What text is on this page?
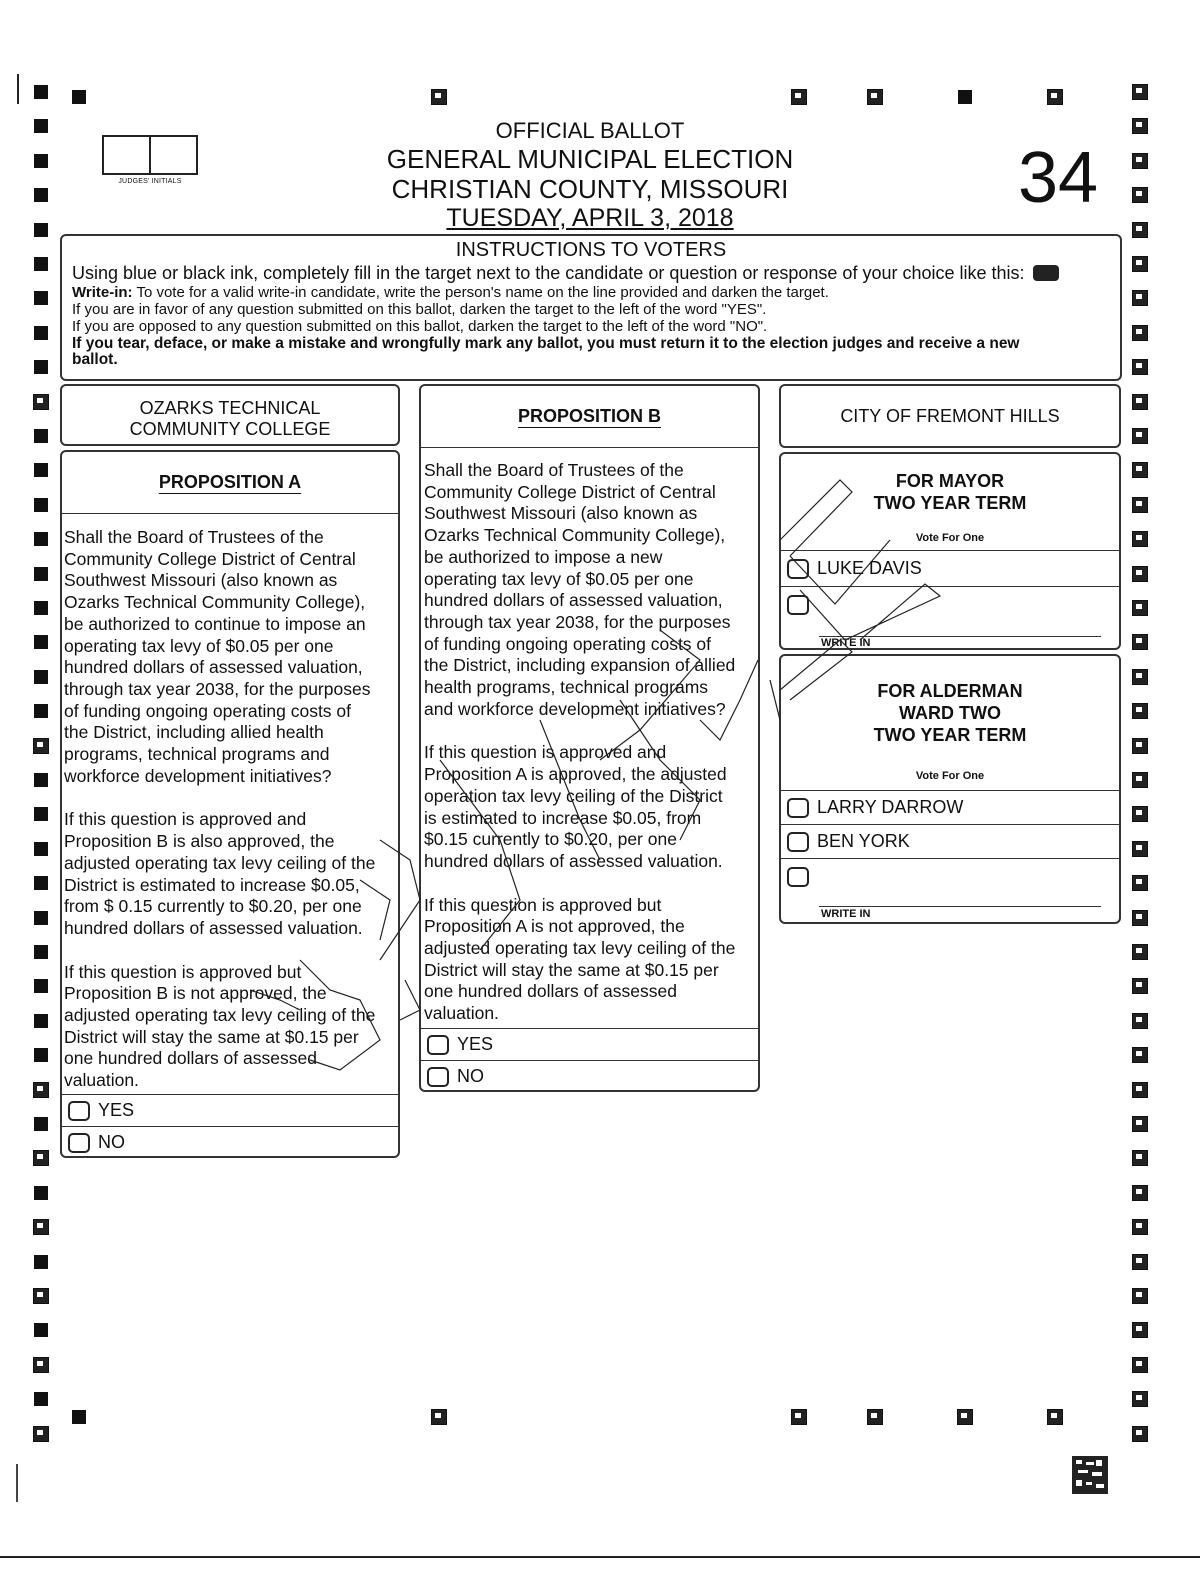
JUDGES' INITIALS
OFFICIAL BALLOT
GENERAL MUNICIPAL ELECTION
CHRISTIAN COUNTY, MISSOURI
TUESDAY, APRIL 3, 2018	34
INSTRUCTIONS TO VOTERS
Using blue or black ink, completely fill in the target next to the candidate or question or response of your choice like this:
Write-in: To vote for a valid write-in candidate, write the person's name on the line provided and darken the target.
If you are in favor of any question submitted on this ballot, darken the target to the left of the word "YES".
If you are opposed to any question submitted on this ballot, darken the target to the left of the word "NO".
If you tear, deface, or make a mistake and wrongfully mark any ballot, you must return it to the election judges and receive a new
ballot.
OZARKS TECHNICAL
COMMUNITY COLLEGE
PROPOSITION A
Shall the Board of Trustees of the
Community College District of Central
Southwest Missouri (also known as
Ozarks Technical Community College),
be authorized to continue to impose an
operating tax levy of $0.05 per one
hundred dollars of assessed valuation,
through tax year 2038, for the purposes
of funding ongoing operating costs of
the District, including allied health
programs, technical programs and
workforce development initiatives?
If this question is approved and
Proposition B is also approved, the
adjusted operating tax levy ceiling of the
District is estimated to increase $0.05,
from $ 0.15 currently to $0.20, per one
hundred dollars of assessed valuation.
If this question is approved but
Proposition B is not approved, the
adjusted operating tax levy ceiling of the
District will stay the same at $0.15 per
one hundred dollars of assessed
valuation.
YES
NO
PROPOSITION B
Shall the Board of Trustees of the
Community College District of Central
Southwest Missouri (also known as
Ozarks Technical Community College),
be authorized to impose a new
operating tax levy of $0.05 per one
hundred dollars of assessed valuation,
through tax year 2038, for the purposes
of funding ongoing operating costs of
the District, including expansion of allied
health programs, technical programs
and workforce development initiatives?
If this question is approved and
Proposition A is approved, the adjusted
operation tax levy ceiling of the District
is estimated to increase $0.05, from
$0.15 currently to $0.20, per one
hundred dollars of assessed valuation.
If this question is approved but
Proposition A is not approved, the
adjusted operating tax levy ceiling of the
District will stay the same at $0.15 per
one hundred dollars of assessed
valuation.
YES
NO
CITY OF FREMONT HILLS
FOR MAYOR
TWO YEAR TERM
Vote For One
LUKE DAVIS
WRITE IN
FOR ALDERMAN
WARD TWO
TWO YEAR TERM
Vote For One
LARRY DARROW
BEN YORK
WRITE IN
